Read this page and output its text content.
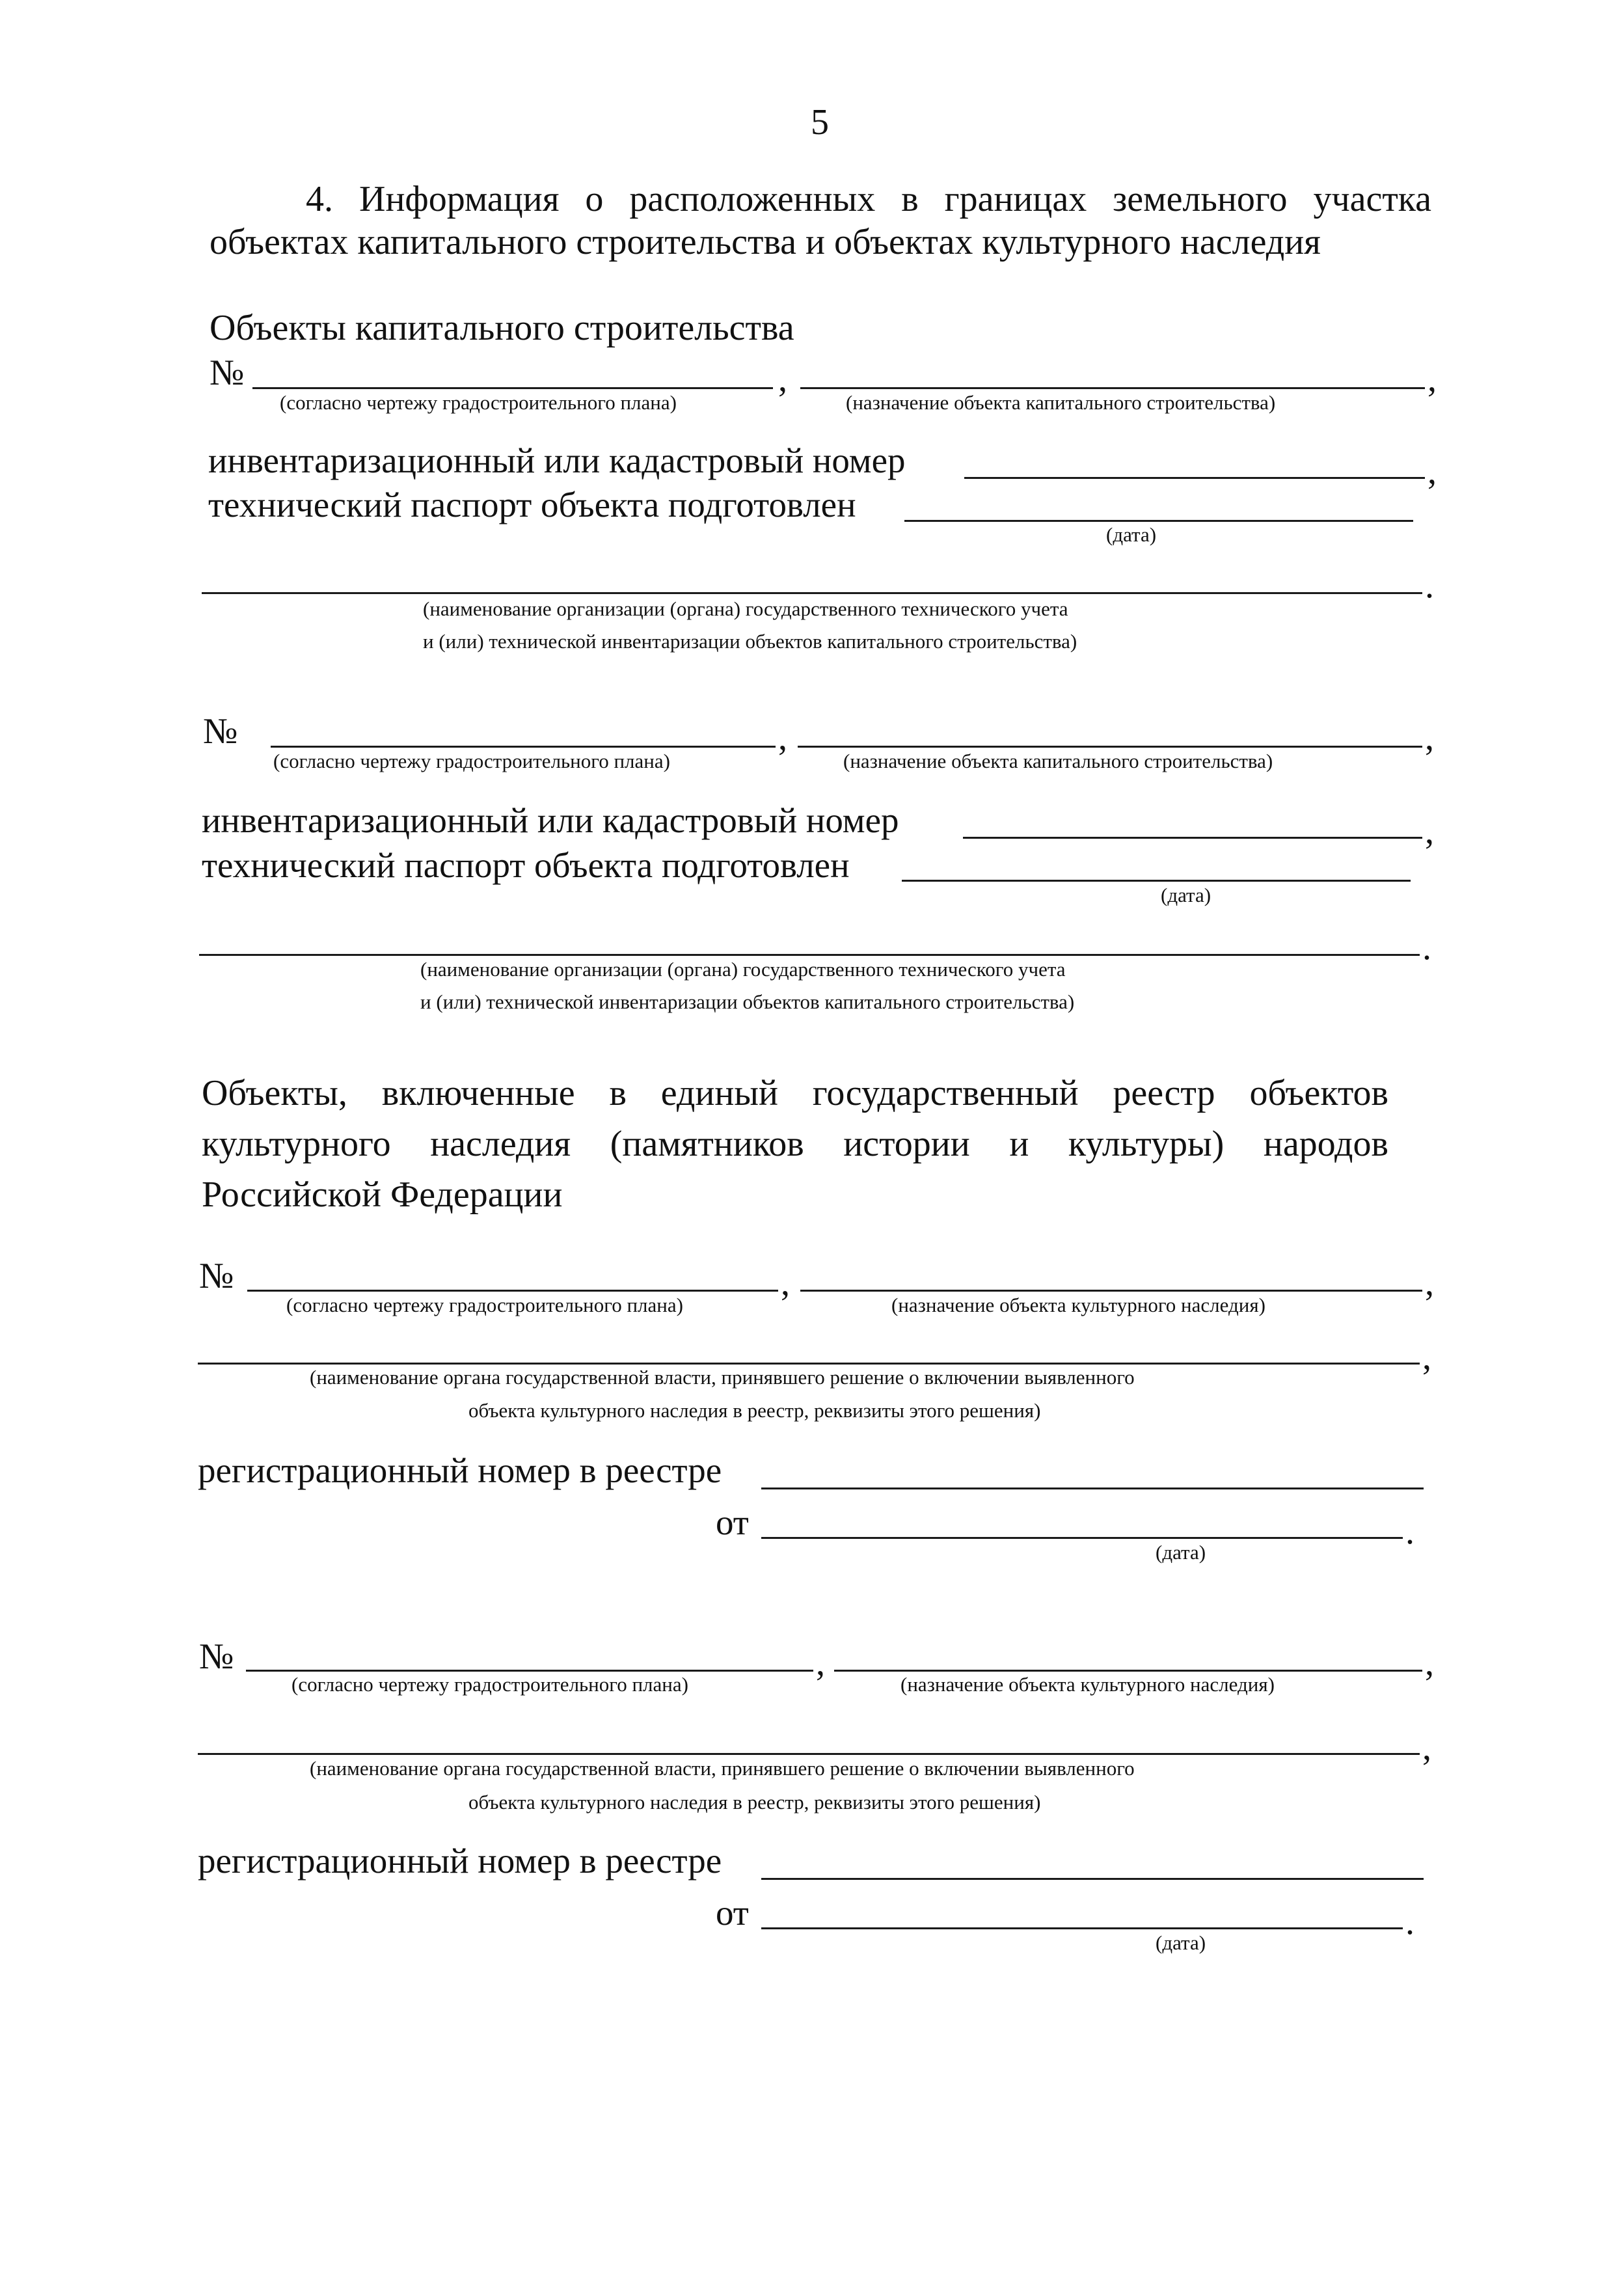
5
4. Информация о расположенных в границах земельного участка
объектах капитального строительства и объектах культурного наследия
Объекты капитального строительства
№	,	,
(согласно чертежу градостроительного плана)	(назначение объекта капитального строительства)
инвентаризационный или кадастровый номер	,
технический паспорт объекта подготовлен
(дата)
.
(наименование организации (органа) государственного технического учета
и (или) технической инвентаризации объектов капитального строительства)
№	,	,
(согласно чертежу градостроительного плана)	(назначение объекта капитального строительства)
инвентаризационный или кадастровый номер	,
технический паспорт объекта подготовлен
(дата)
.
(наименование организации (органа) государственного технического учета
и (или) технической инвентаризации объектов капитального строительства)
Объекты, включенные в единый государственный реестр объектов
культурного наследия (памятников истории и культуры) народов
Российской Федерации
№	,	,
(согласно чертежу градостроительного плана)	(назначение объекта культурного наследия)
,
(наименование органа государственной власти, принявшего решение о включении выявленного
объекта культурного наследия в реестр, реквизиты этого решения)
регистрационный номер в реестре
от	.
(дата)
№	,	,
(согласно чертежу градостроительного плана)	(назначение объекта культурного наследия)
,
(наименование органа государственной власти, принявшего решение о включении выявленного
объекта культурного наследия в реестр, реквизиты этого решения)
регистрационный номер в реестре
от	.
(дата)
